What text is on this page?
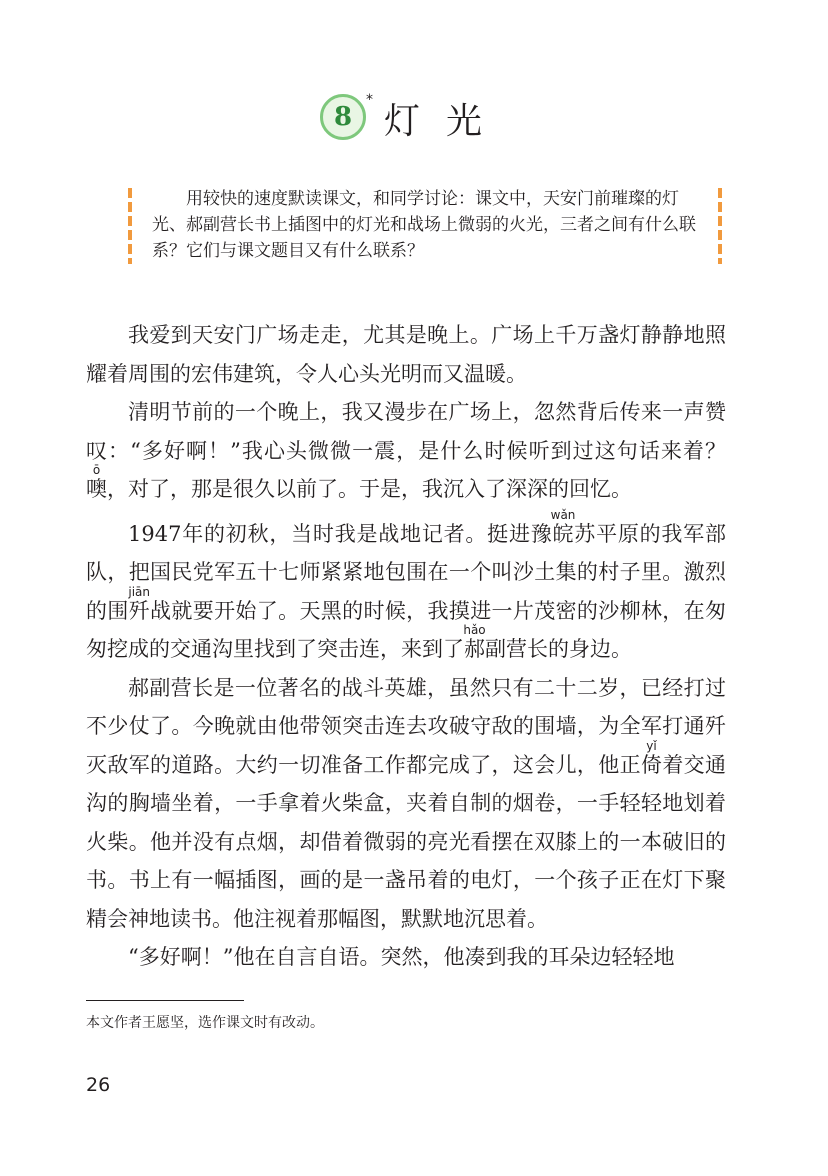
8
*
灯光
用较快的速度默读课文，和同学讨论：课文中，天安门前璀璨的灯光、郝副营长书上插图中的灯光和战场上微弱的火光，三者之间有什么联系？它们与课文题目又有什么联系？

我爱到天安门广场走走，尤其是晚上。广场上千万盏灯静静地照耀着周围的宏伟建筑，令人心头光明而又温暖。

清明节前的一个晚上，我又漫步在广场上，忽然背后传来一声赞叹：“多好啊！”我心头微微一震，是什么时候听到过这句话来着？噢ō，对了，那是很久以前了。于是，我沉入了深深的回忆。

1947年的初秋，当时我是战地记者。挺进豫皖wǎn苏平原的我军部队，把国民党军五十七师紧紧地包围在一个叫沙土集的村子里。激烈的围歼jiān战就要开始了。天黑的时候，我摸进一片茂密的沙柳林，在匆匆挖成的交通沟里找到了突击连，来到了郝hǎo副营长的身边。

郝副营长是一位著名的战斗英雄，虽然只有二十二岁，已经打过不少仗了。今晚就由他带领突击连去攻破守敌的围墙，为全军打通歼灭敌军的道路。大约一切准备工作都完成了，这会儿，他正倚yǐ着交通沟的胸墙坐着，一手拿着火柴盒，夹着自制的烟卷，一手轻轻地划着火柴。他并没有点烟，却借着微弱的亮光看摆在双膝上的一本破旧的书。书上有一幅插图，画的是一盏吊着的电灯，一个孩子正在灯下聚精会神地读书。他注视着那幅图，默默地沉思着。

“多好啊！”他在自言自语。突然，他凑到我的耳朵边轻轻地

本文作者王愿坚，选作课文时有改动。
26
